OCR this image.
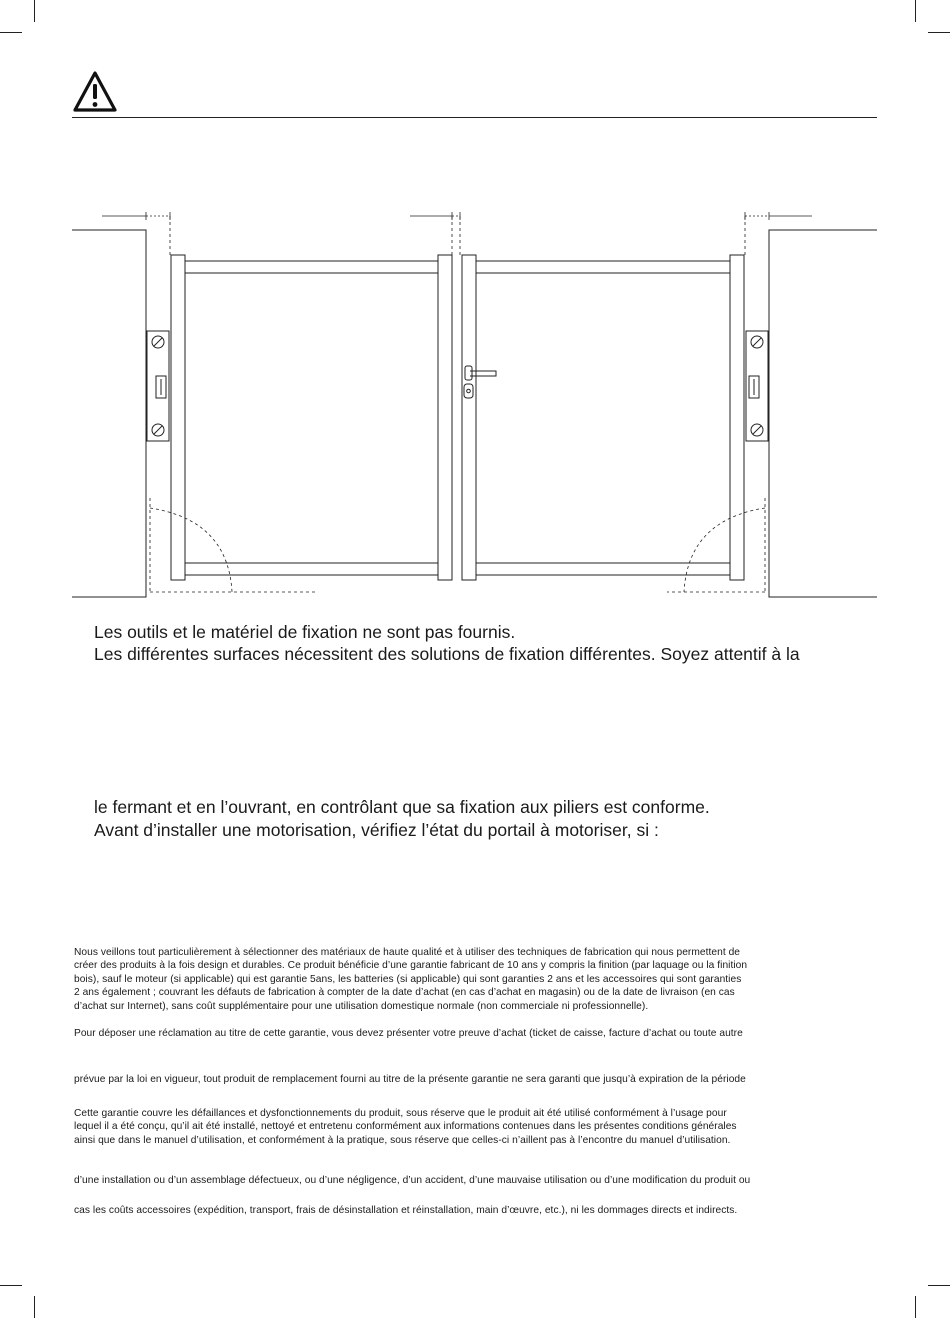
Les outils et le matériel de fixation ne sont pas fournis.
Les différentes surfaces nécessitent des solutions de fixation différentes. Soyez attentif à la
le fermant et en l’ouvrant, en contrôlant que sa fixation aux piliers est conforme.
Avant d’installer une motorisation, vérifiez l’état du portail à motoriser, si :
Nous veillons tout particulièrement à sélectionner des matériaux de haute qualité et à utiliser des techniques de fabrication qui nous permettent de
créer des produits à la fois design et durables. Ce produit bénéficie d’une garantie fabricant de 10 ans y compris la finition (par laquage ou la finition
bois), sauf le moteur (si applicable) qui est garantie 5ans, les batteries (si applicable) qui sont garanties 2 ans et les accessoires qui sont garanties
2 ans également ; couvrant les défauts de fabrication à compter de la date d’achat (en cas d’achat en magasin) ou de la date de livraison (en cas
d’achat sur Internet), sans coût supplémentaire pour une utilisation domestique normale (non commerciale ni professionnelle).
Pour déposer une réclamation au titre de cette garantie, vous devez présenter votre preuve d’achat (ticket de caisse, facture d’achat ou toute autre
prévue par la loi en vigueur, tout produit de remplacement fourni au titre de la présente garantie ne sera garanti que jusqu’à expiration de la période
Cette garantie couvre les défaillances et dysfonctionnements du produit, sous réserve que le produit ait été utilisé conformément à l’usage pour
lequel il a été conçu, qu’il ait été installé, nettoyé et entretenu conformément aux informations contenues dans les présentes conditions générales
ainsi que dans le manuel d’utilisation, et conformément à la pratique, sous réserve que celles-ci n’aillent pas à l’encontre du manuel d’utilisation.
d’une installation ou d’un assemblage défectueux, ou d’une négligence, d’un accident, d’une mauvaise utilisation ou d’une modification du produit ou
cas les coûts accessoires (expédition, transport, frais de désinstallation et réinstallation, main d’œuvre, etc.), ni les dommages directs et indirects.
